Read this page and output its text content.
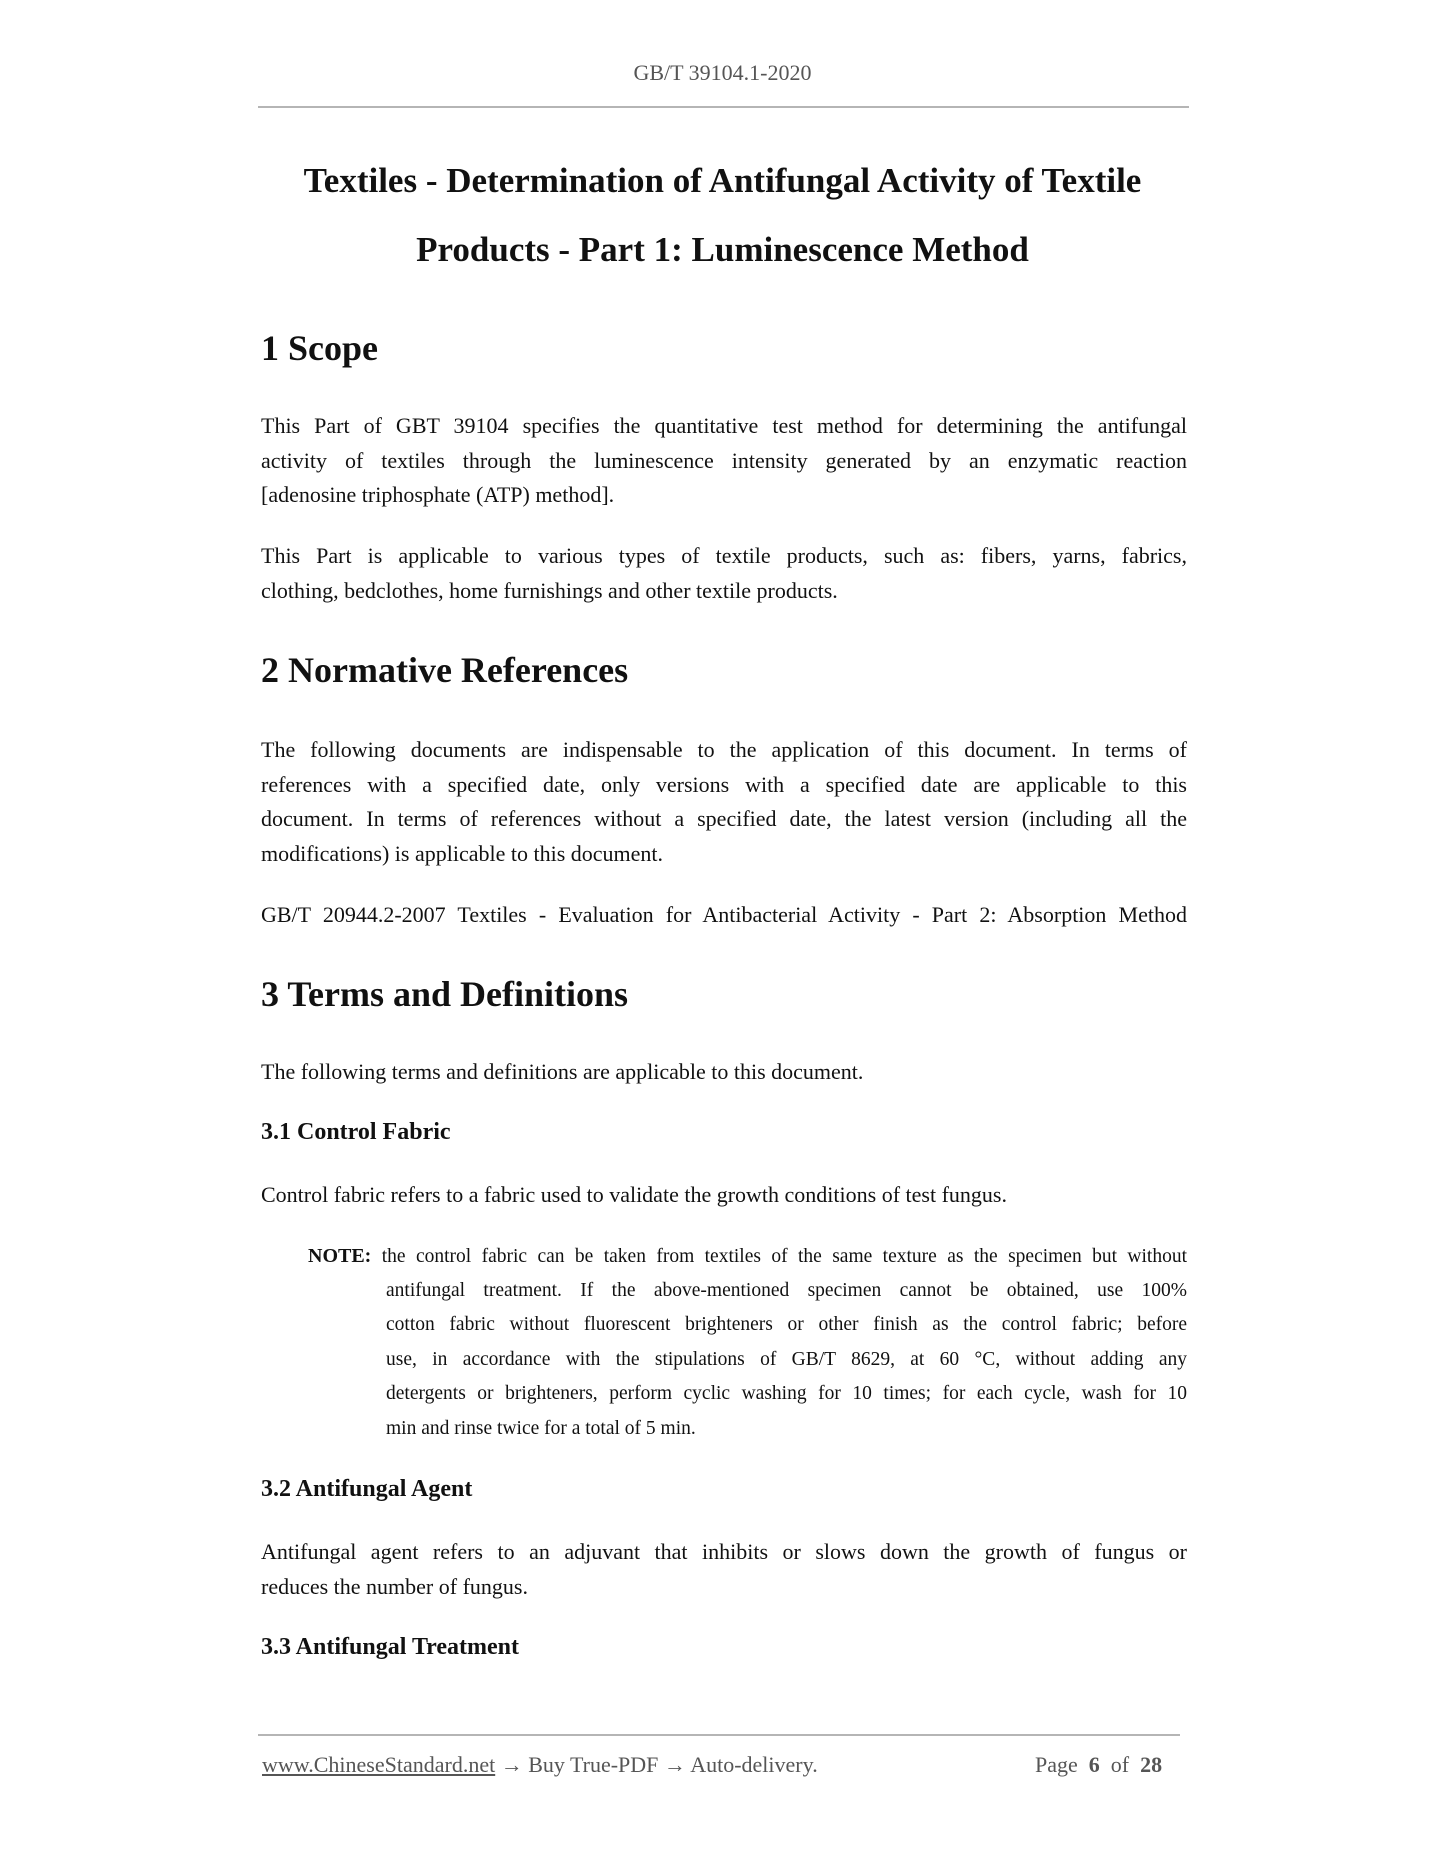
GB/T 39104.1-2020
Textiles - Determination of Antifungal Activity of Textile
Products - Part 1: Luminescence Method
1 Scope
This Part of GBT 39104 specifies the quantitative test method for determining the antifungal
activity of textiles through the luminescence intensity generated by an enzymatic reaction
[adenosine triphosphate (ATP) method].
This Part is applicable to various types of textile products, such as: fibers, yarns, fabrics,
clothing, bedclothes, home furnishings and other textile products.
2 Normative References
The following documents are indispensable to the application of this document. In terms of
references with a specified date, only versions with a specified date are applicable to this
document. In terms of references without a specified date, the latest version (including all the
modifications) is applicable to this document.
GB/T 20944.2-2007 Textiles - Evaluation for Antibacterial Activity - Part 2: Absorption Method
3 Terms and Definitions
The following terms and definitions are applicable to this document.
3.1 Control Fabric
Control fabric refers to a fabric used to validate the growth conditions of test fungus.
NOTE: the control fabric can be taken from textiles of the same texture as the specimen but without
antifungal treatment. If the above-mentioned specimen cannot be obtained, use 100%
cotton fabric without fluorescent brighteners or other finish as the control fabric; before
use, in accordance with the stipulations of GB/T 8629, at 60 °C, without adding any
detergents or brighteners, perform cyclic washing for 10 times; for each cycle, wash for 10
min and rinse twice for a total of 5 min.
3.2 Antifungal Agent
Antifungal agent refers to an adjuvant that inhibits or slows down the growth of fungus or
reduces the number of fungus.
3.3 Antifungal Treatment
www.ChineseStandard.net → Buy True-PDF → Auto-delivery.	Page 6 of 28
